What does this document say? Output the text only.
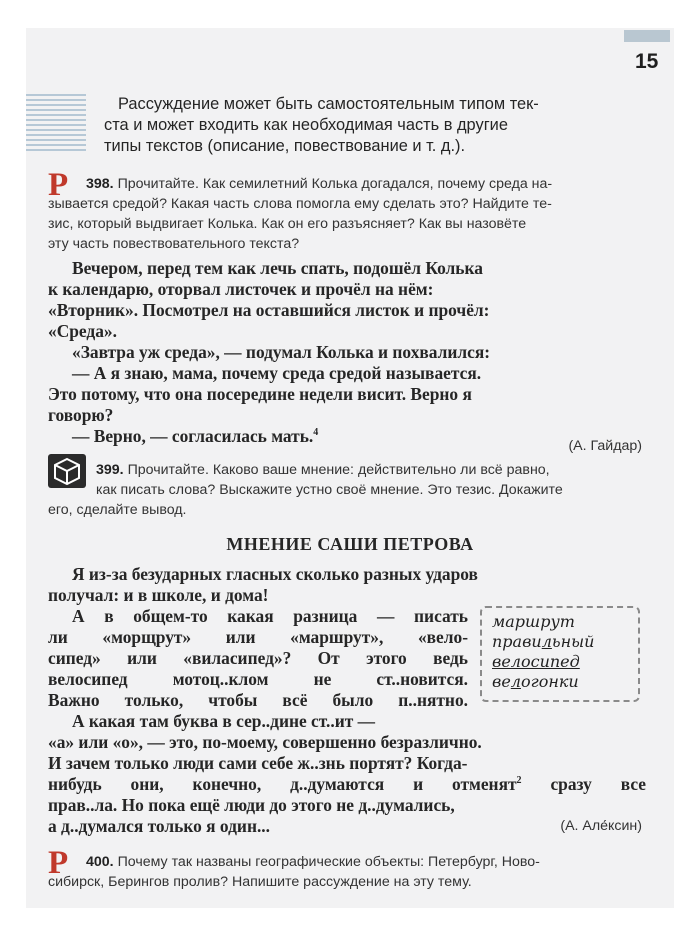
15
Рассуждение может быть самостоятельным типом тек-
ста и может входить как необходимая часть в другие
типы текстов (описание, повествование и т. д.).
Р	398. Прочитайте. Как семилетний Колька догадался, почему среда на-
зывается средой? Какая часть слова помогла ему сделать это? Найдите те-
зис, который выдвигает Колька. Как он его разъясняет? Как вы назовёте
эту часть повествовательного текста?
Вечером, перед тем как лечь спать, подошёл Колька
к календарю, оторвал листочек и прочёл на нём:
«Вторник». Посмотрел на оставшийся листок и прочёл:
«Среда».
«Завтра уж среда», — подумал Колька и похвалился:
— А я знаю, мама, почему среда средой называется.
Это потому, что она посередине недели висит. Верно я
говорю?
— Верно, — согласилась мать.$^4$
(А. Гайдар)
399. Прочитайте. Каково ваше мнение: действительно ли всё равно,
как писать слова? Выскажите устно своё мнение. Это тезис. Докажите
его, сделайте вывод.
МНЕНИЕ САШИ ПЕТРОВА
Я из-за безударных гласных сколько разных ударов
получал: и в школе, и дома!
А в общем-то какая разница — писать
ли «морщрут» или «маршрут», «вело-
сипед» или «виласипед»? От этого ведь
велосипед мотоц..клом не ст..новится.
Важно только, чтобы всё было п..нятно.
маршрут
правильный
велосипед
велогонки
А какая там буква в сер..дине ст..ит —
«а» или «о», — это, по-моему, совершенно безразлично.
И зачем только люди сами себе ж..знь портят? Когда-
нибудь они, конечно, д..думаются и отменят$^2$ сразу все
прав..ла. Но пока ещё люди до этого не д..думались,
а д..думался только я один...	(А. Але́ксин)
Р	400. Почему так названы географические объекты: Петербург, Ново-
сибирск, Берингов пролив? Напишите рассуждение на эту тему.
